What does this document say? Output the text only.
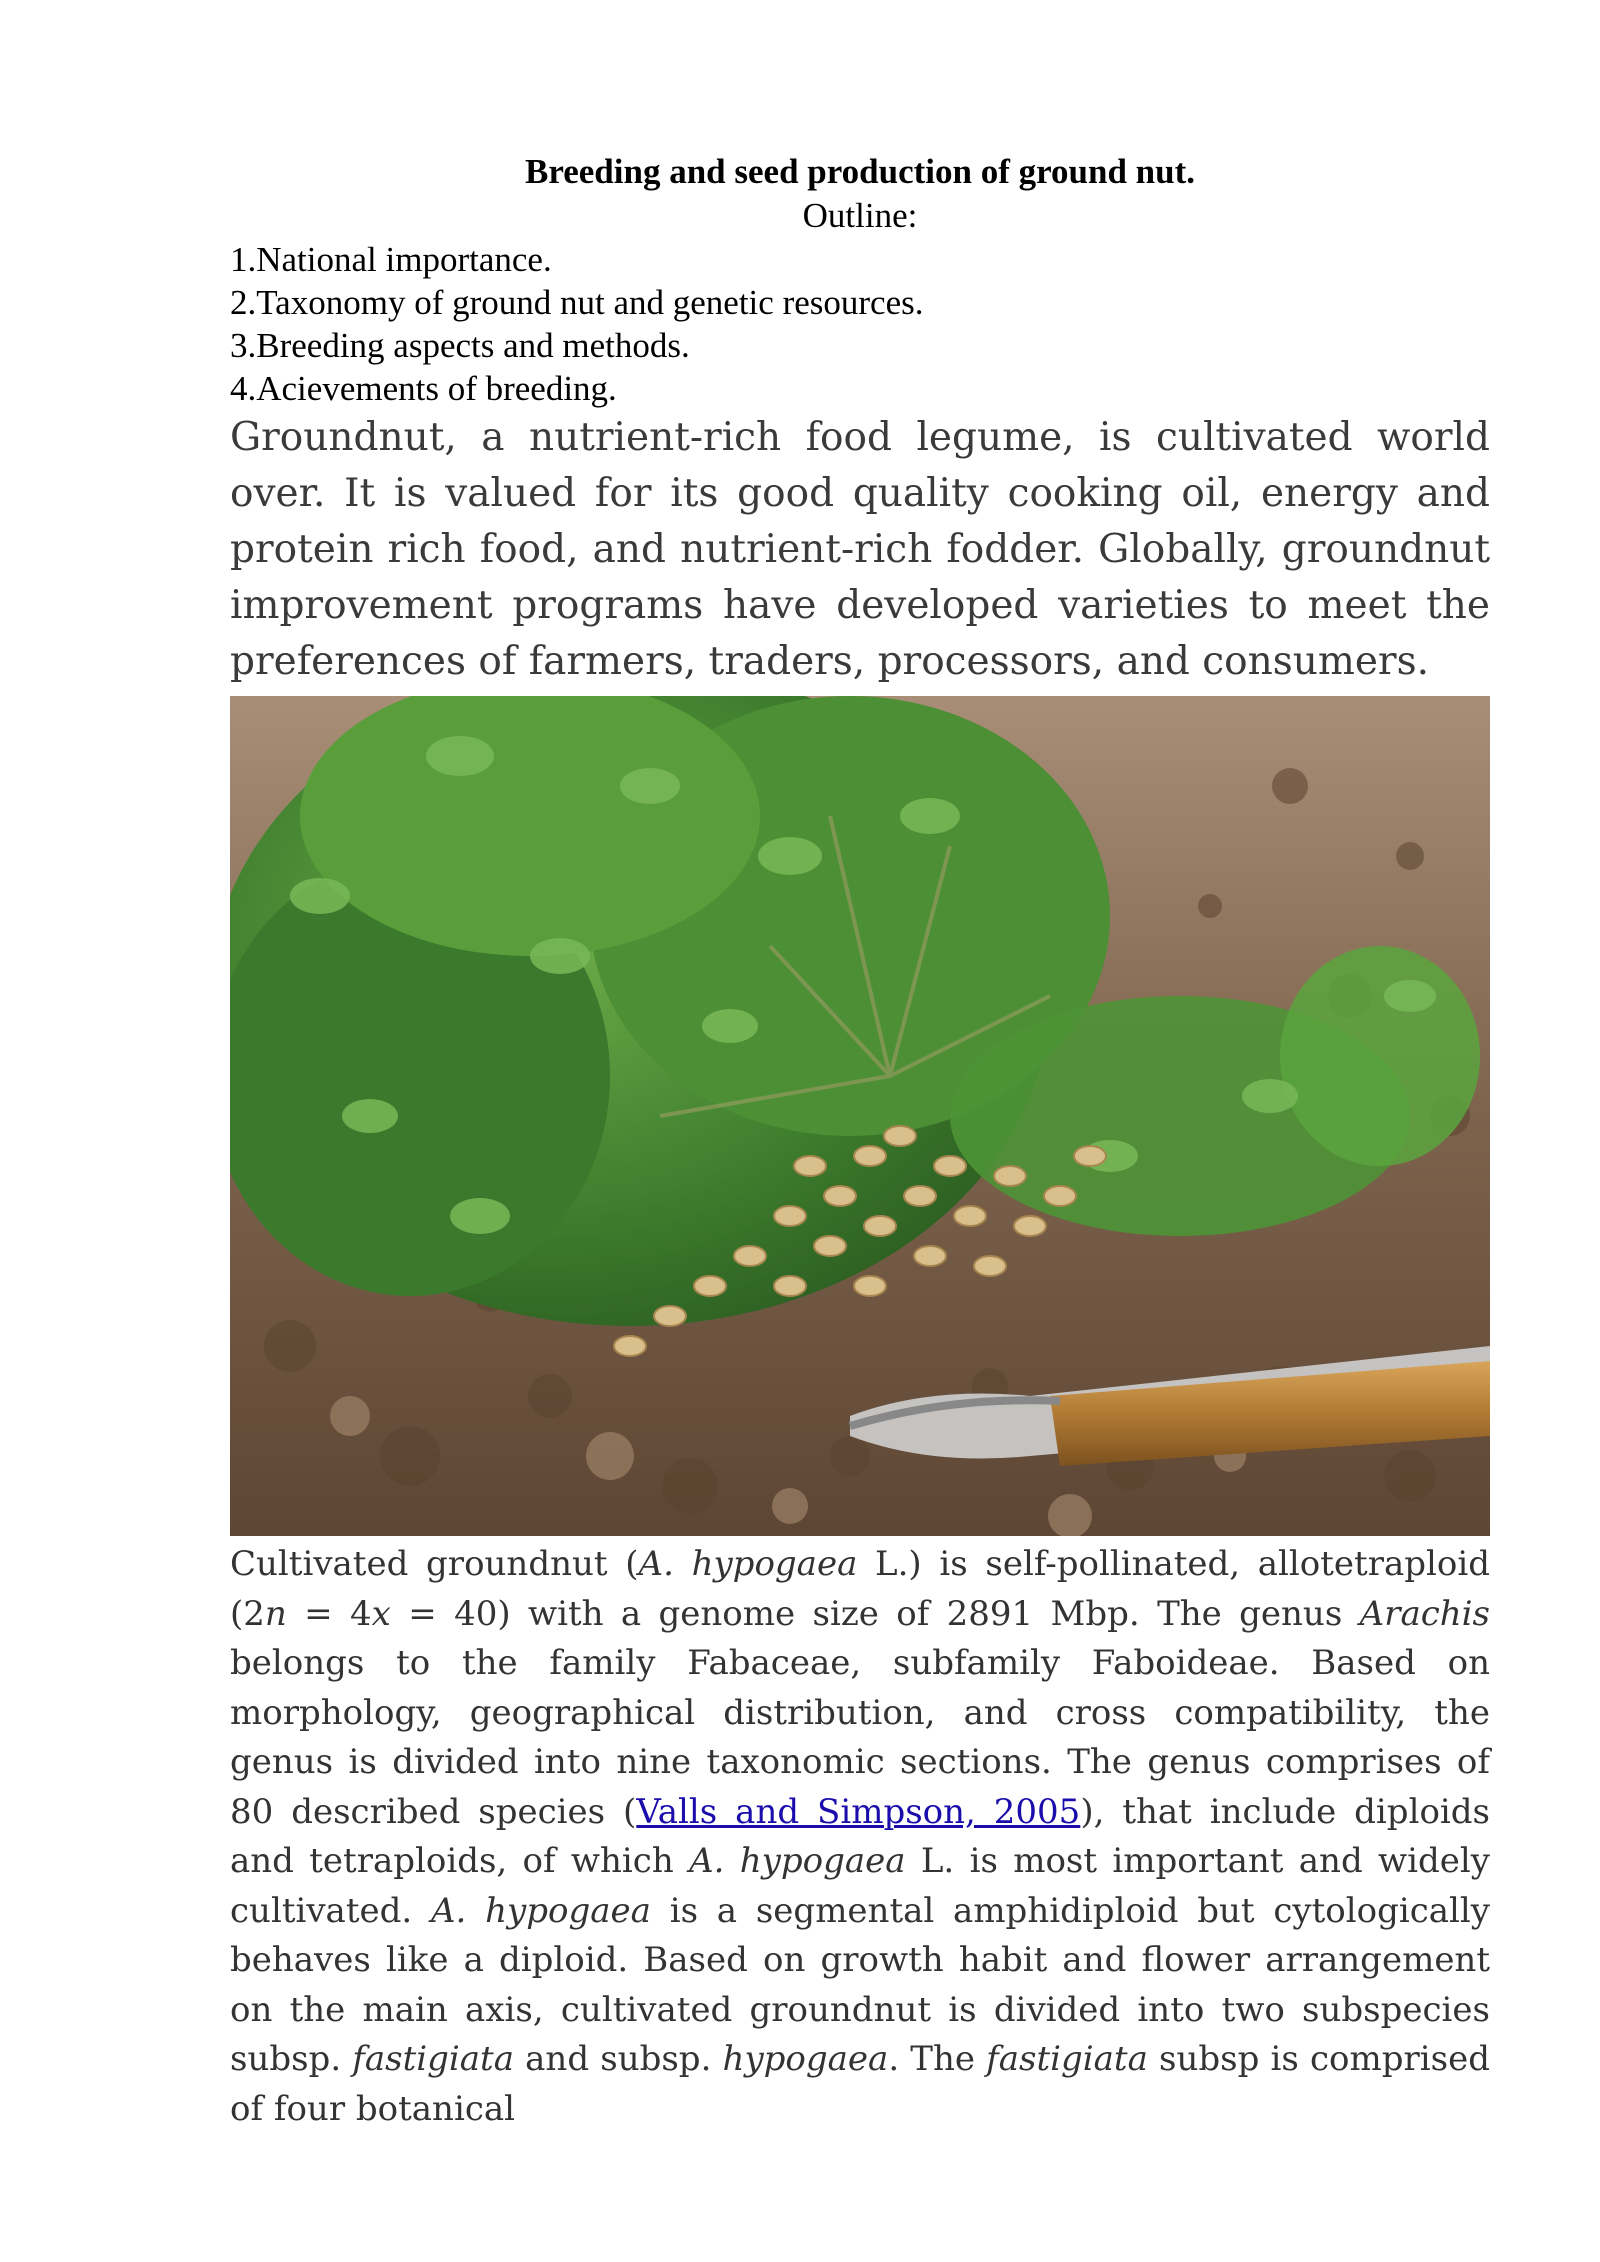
Breeding and seed production of ground nut.

Outline:

1.National importance.
2.Taxonomy of ground nut and genetic resources.
3.Breeding aspects and methods.
4.Acievements of breeding.

Groundnut, a nutrient-rich food legume, is cultivated world over. It is valued for its good quality cooking oil, energy and protein rich food, and nutrient-rich fodder. Globally, groundnut improvement programs have developed varieties to meet the preferences of farmers, traders, processors, and consumers.

Cultivated groundnut (A. hypogaea L.) is self-pollinated, allotetraploid (2n = 4x = 40) with a genome size of 2891 Mbp. The genus Arachis belongs to the family Fabaceae, subfamily Faboideae. Based on morphology, geographical distribution, and cross compatibility, the genus is divided into nine taxonomic sections. The genus comprises of 80 described species (Valls and Simpson, 2005), that include diploids and tetraploids, of which A. hypogaea L. is most important and widely cultivated. A. hypogaea is a segmental amphidiploid but cytologically behaves like a diploid. Based on growth habit and flower arrangement on the main axis, cultivated groundnut is divided into two subspecies subsp. fastigiata and subsp. hypogaea. The fastigiata subsp is comprised of four botanical
